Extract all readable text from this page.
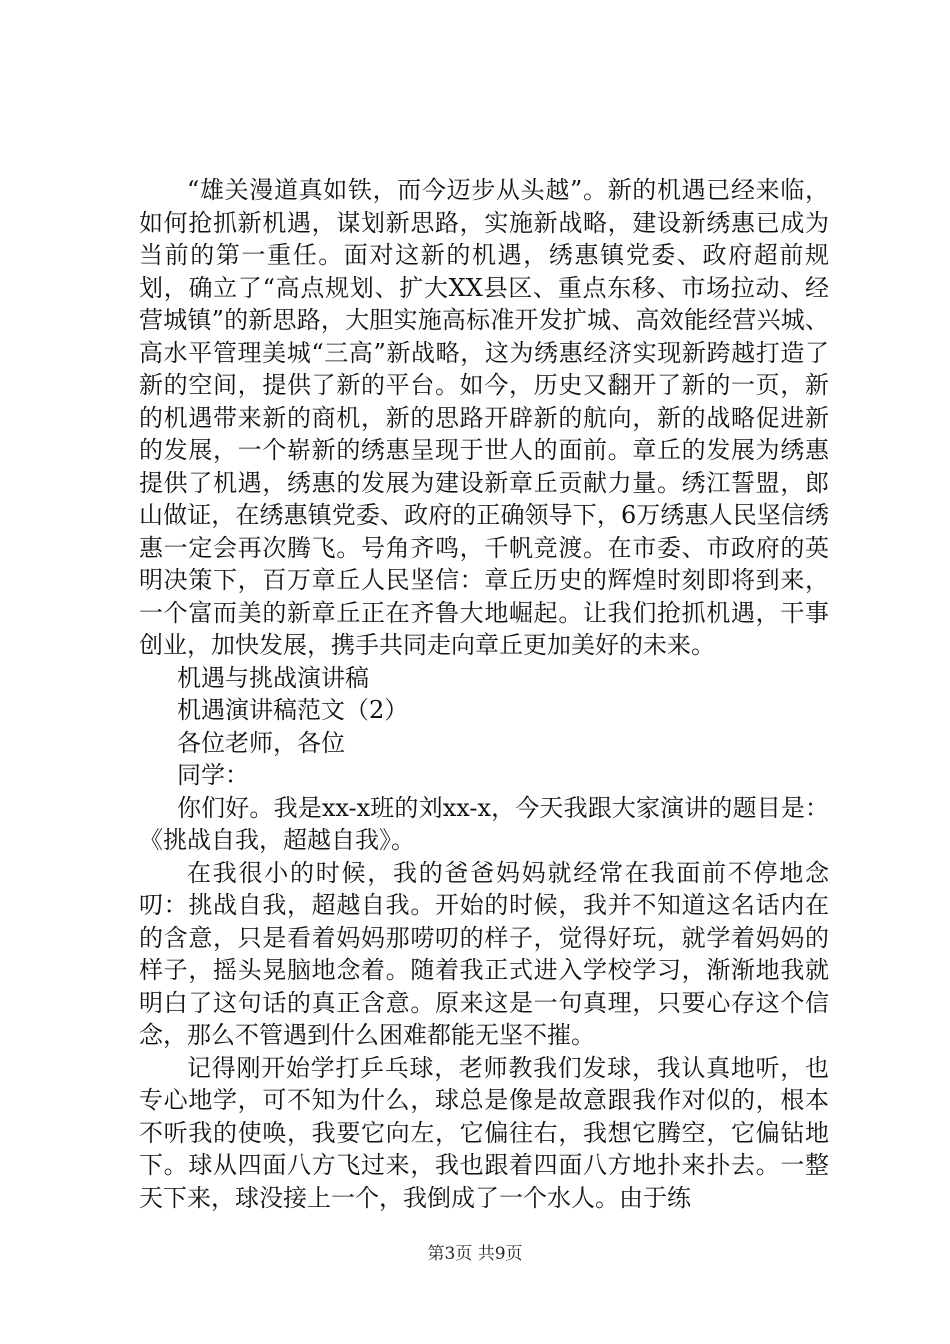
“雄关漫道真如铁，而今迈步从头越”。新的机遇已经来临，如何抢抓新机遇，谋划新思路，实施新战略，建设新绣惠已成为当前的第一重任。面对这新的机遇，绣惠镇党委、政府超前规划，确立了“高点规划、扩大XX县区、重点东移、市场拉动、经营城镇”的新思路，大胆实施高标准开发扩城、高效能经营兴城、高水平管理美城“三高”新战略，这为绣惠经济实现新跨越打造了新的空间，提供了新的平台。如今，历史又翻开了新的一页，新的机遇带来新的商机，新的思路开辟新的航向，新的战略促进新的发展，一个崭新的绣惠呈现于世人的面前。章丘的发展为绣惠提供了机遇，绣惠的发展为建设新章丘贡献力量。绣江誓盟，郎山做证，在绣惠镇党委、政府的正确领导下，6万绣惠人民坚信绣惠一定会再次腾飞。号角齐鸣，千帆竞渡。在市委、市政府的英明决策下，百万章丘人民坚信：章丘历史的辉煌时刻即将到来，一个富而美的新章丘正在齐鲁大地崛起。让我们抢抓机遇，干事创业，加快发展，携手共同走向章丘更加美好的未来。

机遇与挑战演讲稿

机遇演讲稿范文（2）

各位老师，各位

同学：

你们好。我是xx-x班的刘xx-x，今天我跟大家演讲的题目是：《挑战自我，超越自我》。

在我很小的时候，我的爸爸妈妈就经常在我面前不停地念叨：挑战自我，超越自我。开始的时候，我并不知道这名话内在的含意，只是看着妈妈那唠叨的样子，觉得好玩，就学着妈妈的样子，摇头晃脑地念着。随着我正式进入学校学习，渐渐地我就明白了这句话的真正含意。原来这是一句真理，只要心存这个信念，那么不管遇到什么困难都能无坚不摧。

记得刚开始学打乒乓球，老师教我们发球，我认真地听，也专心地学，可不知为什么，球总是像是故意跟我作对似的，根本不听我的使唤，我要它向左，它偏往右，我想它腾空，它偏钻地下。球从四面八方飞过来，我也跟着四面八方地扑来扑去。一整天下来，球没接上一个，我倒成了一个水人。由于练

第3页 共9页
